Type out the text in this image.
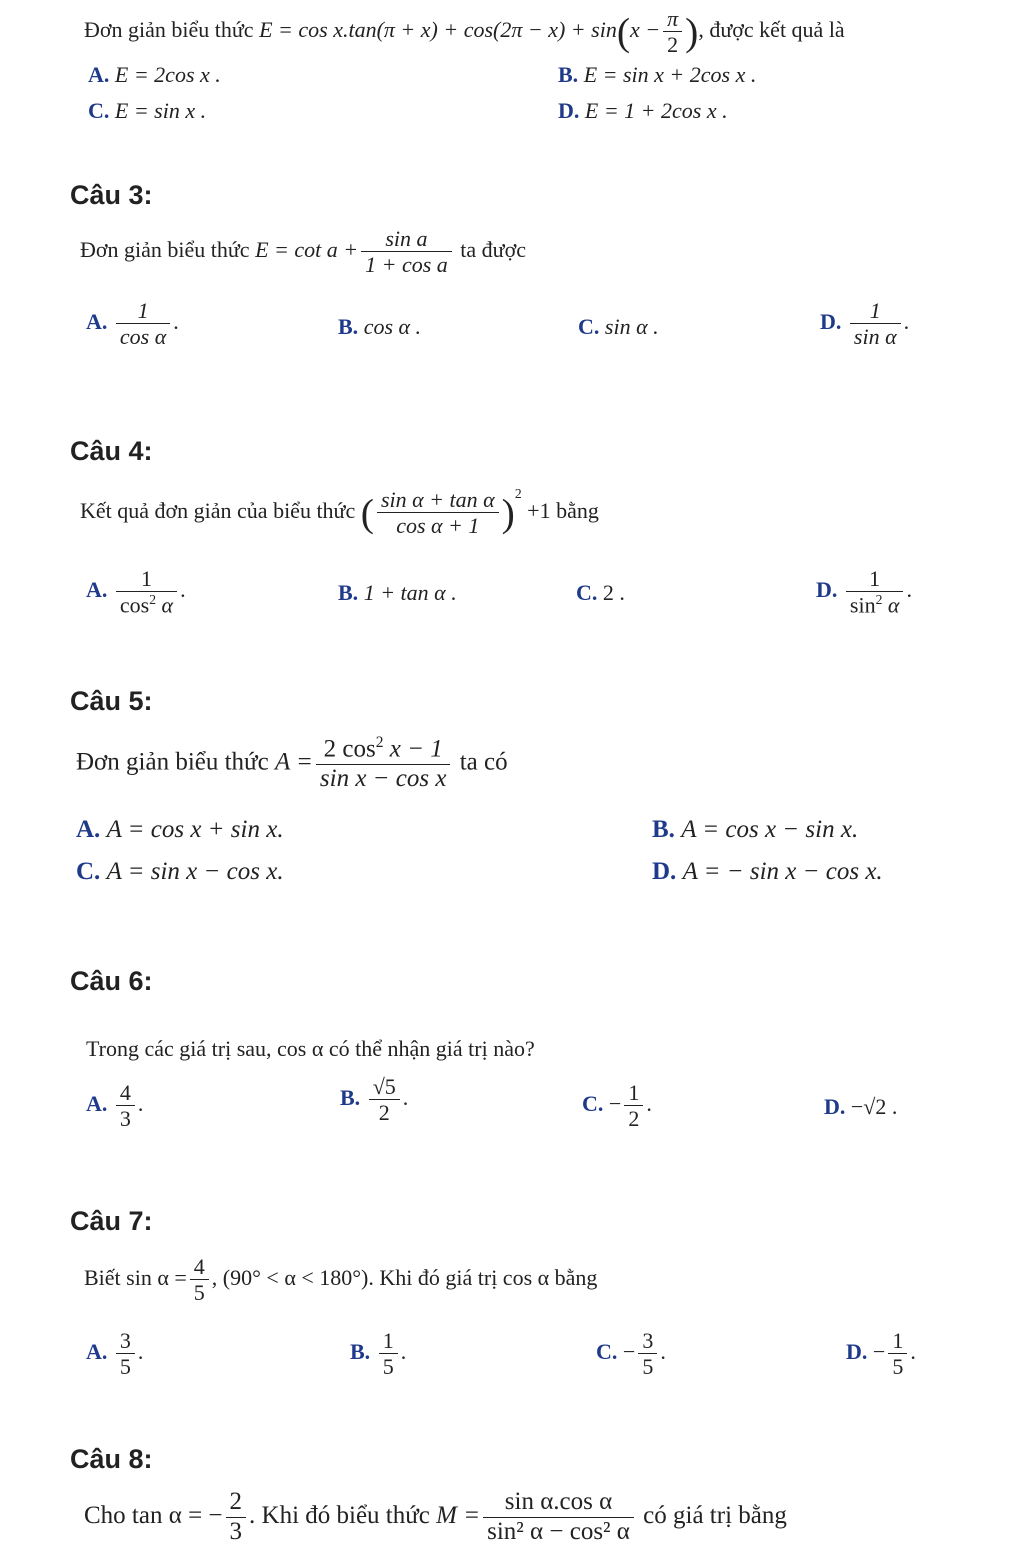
Đơn giản biểu thức $E = \cos x.\tan(\pi + x) + \cos(2\pi - x) + \sin(x - \frac{\pi}{2}$ ), được kết quả là
A. E = 2cos x .	B. E = sin x + 2cos x .
C. E = sin x .	D. E = 1 + 2cos x .
Câu 3:
Đơn giản biểu thức $E = \cot a + \frac{\text{sin a}}{\text{1 + cos a}}$ ta được
A. $\frac{1}{\text{cos α}}$ .	B. cos α .	C. sin α .	D. $\frac{1}{\text{sin α}}$ .
Câu 4:
Kết quả đơn giản của biểu thức ( $\frac{\text{sin α + tan α}}{\text{cos α + 1}} )^2 +1$ bằng
A. $\frac{1}{\cos^2 \alpha}$ .	B. 1 + tan α .	C. 2 .	D. $\frac{1}{\sin^2 \alpha}$ .
Câu 5:
Đơn giản biểu thức $A = \frac{2 \cos^2 x - 1}{\text{sin x − cos x}}$ ta có
A. A = cos x + sin x.	B. A = cos x − sin x.
C. A = sin x − cos x.	D. A = − sin x − cos x.
Câu 6:
Trong các giá trị sau, cos α có thể nhận giá trị nào?
A. $\frac{4}{3}$ .	B. $\frac{√5}{2}$ .	C. − $\frac{1}{2}$ .	D. −√2 .
Câu 7:
Biết $\sin \alpha = \frac{4}{5}$ , (90° < α < 180°). Khi đó giá trị cos α bằng
A. $\frac{3}{5}$ .	B. $\frac{1}{5}$ .	C. − $\frac{3}{5}$ .	D. − $\frac{1}{5}$ .
Câu 8:
Cho tan α = − $\frac{2}{3}$ . Khi đó biểu thức $M = \frac{\text{sin α.cos α}}{\text{sin² α − cos² α}}$ có giá trị bằng
